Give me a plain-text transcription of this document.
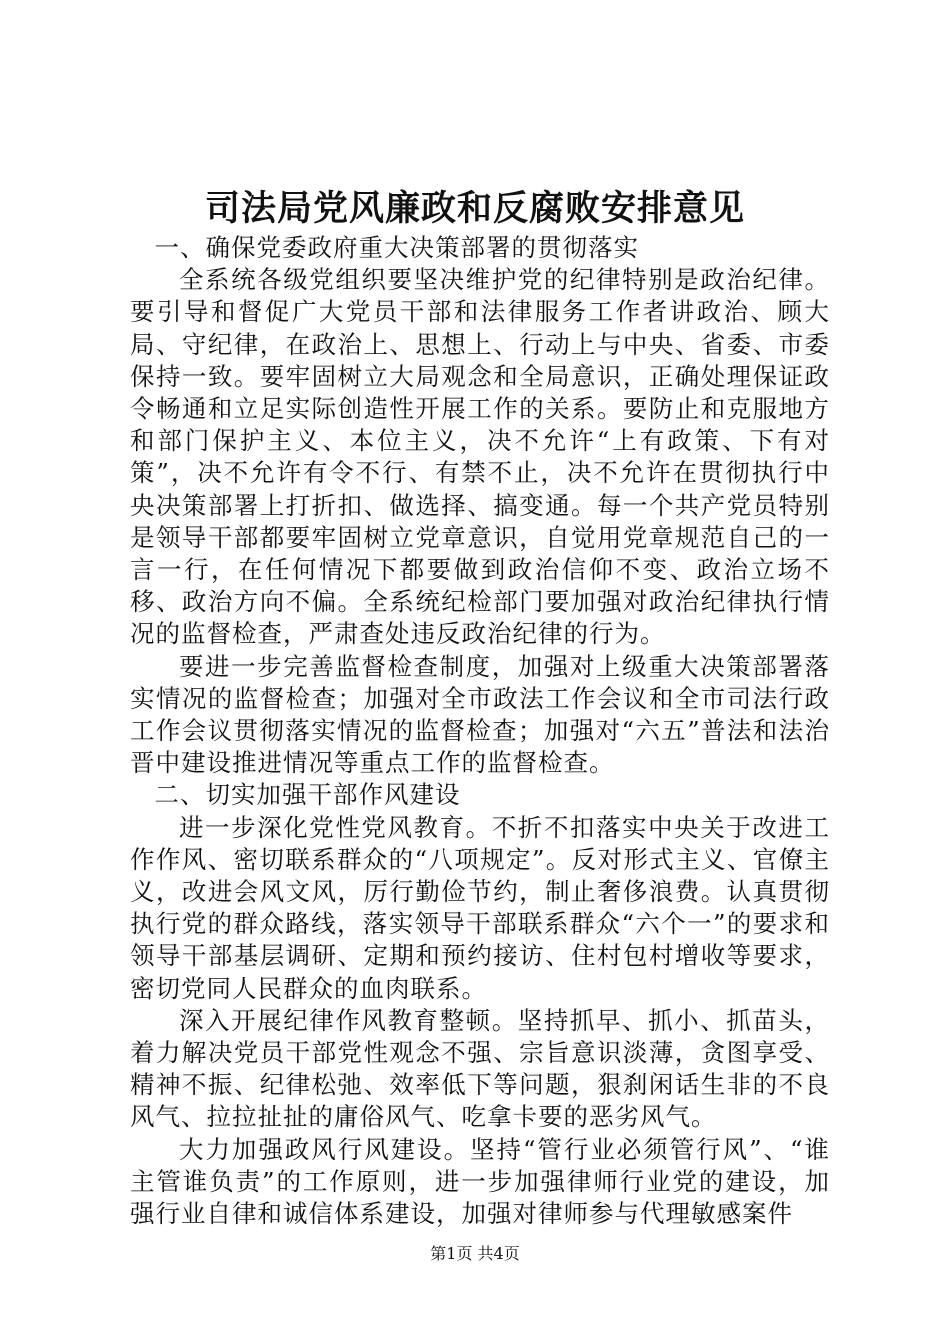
司法局党风廉政和反腐败安排意见

一、确保党委政府重大决策部署的贯彻落实

全系统各级党组织要坚决维护党的纪律特别是政治纪律。要引导和督促广大党员干部和法律服务工作者讲政治、顾大局、守纪律，在政治上、思想上、行动上与中央、省委、市委保持一致。要牢固树立大局观念和全局意识，正确处理保证政令畅通和立足实际创造性开展工作的关系。要防止和克服地方和部门保护主义、本位主义，决不允许“上有政策、下有对策”，决不允许有令不行、有禁不止，决不允许在贯彻执行中央决策部署上打折扣、做选择、搞变通。每一个共产党员特别是领导干部都要牢固树立党章意识，自觉用党章规范自己的一言一行，在任何情况下都要做到政治信仰不变、政治立场不移、政治方向不偏。全系统纪检部门要加强对政治纪律执行情况的监督检查，严肃查处违反政治纪律的行为。

要进一步完善监督检查制度，加强对上级重大决策部署落实情况的监督检查；加强对全市政法工作会议和全市司法行政工作会议贯彻落实情况的监督检查；加强对“六五”普法和法治晋中建设推进情况等重点工作的监督检查。

二、切实加强干部作风建设

进一步深化党性党风教育。不折不扣落实中央关于改进工作作风、密切联系群众的“八项规定”。反对形式主义、官僚主义，改进会风文风，厉行勤俭节约，制止奢侈浪费。认真贯彻执行党的群众路线，落实领导干部联系群众“六个一”的要求和领导干部基层调研、定期和预约接访、住村包村增收等要求，密切党同人民群众的血肉联系。

深入开展纪律作风教育整顿。坚持抓早、抓小、抓苗头，着力解决党员干部党性观念不强、宗旨意识淡薄，贪图享受、精神不振、纪律松弛、效率低下等问题，狠刹闲话生非的不良风气、拉拉扯扯的庸俗风气、吃拿卡要的恶劣风气。

大力加强政风行风建设。坚持“管行业必须管行风”、“谁主管谁负责”的工作原则，进一步加强律师行业党的建设，加强行业自律和诚信体系建设，加强对律师参与代理敏感案件

第1页 共4页
